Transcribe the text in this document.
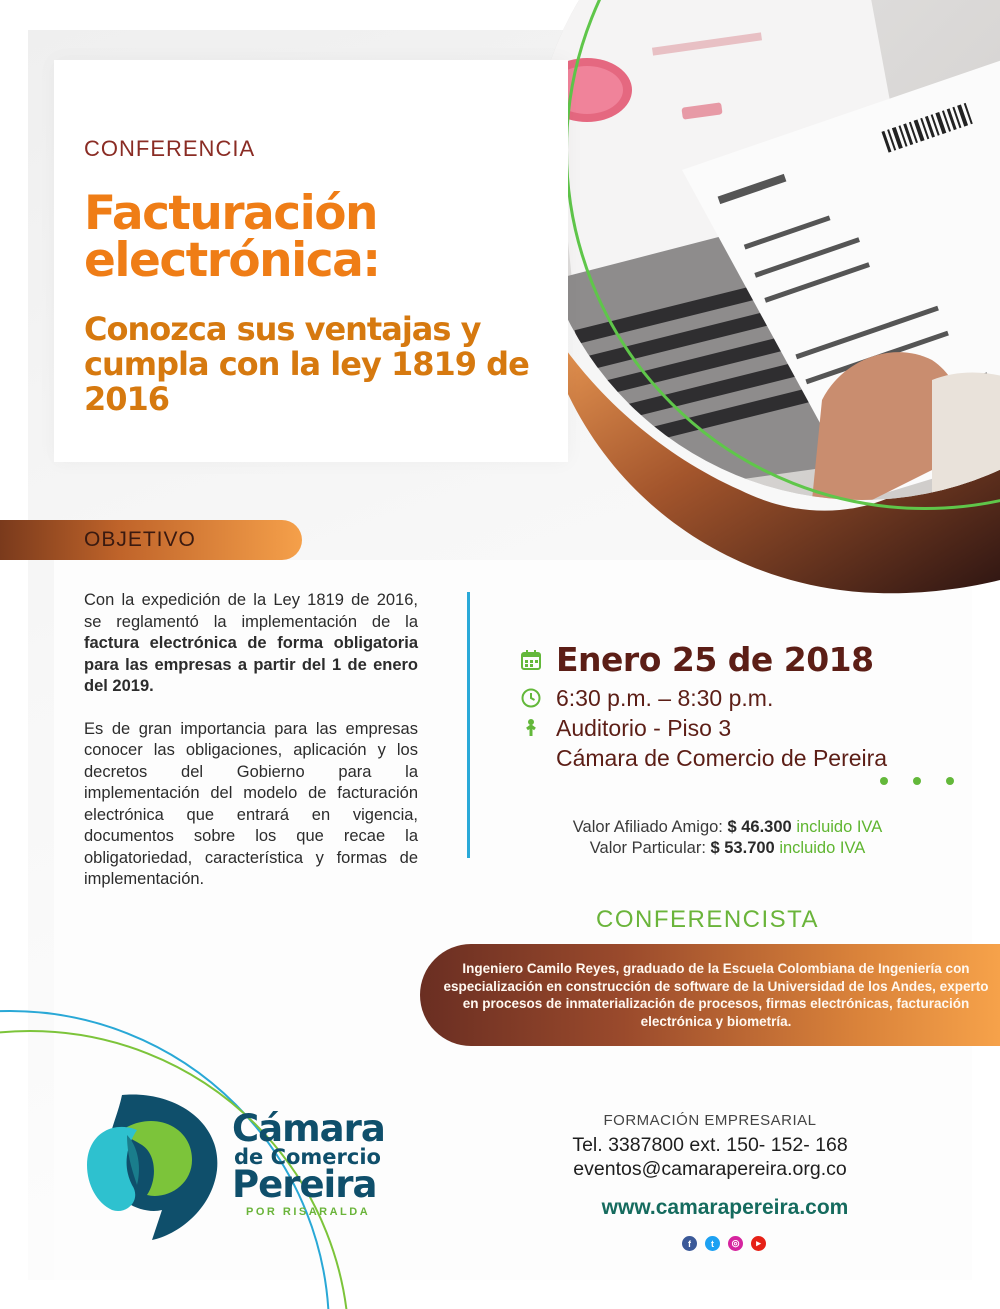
CONFERENCIA
Facturación
electrónica:
Conozca sus ventajas y cumpla con la ley 1819 de 2016
OBJETIVO

Con la expedición de la Ley 1819 de 2016, se reglamentó la implementación de la factura electrónica de forma obligatoria para las empresas a partir del 1 de enero del 2019.

Es de gran importancia para las empresas conocer las obligaciones, aplicación y los decretos del Gobierno para la implementación del modelo de facturación electrónica que entrará en vigencia, documentos sobre los que recae la obligatoriedad, característica y formas de implementación.

Enero 25 de 2018
6:30 p.m. – 8:30 p.m.
Auditorio - Piso 3
Cámara de Comercio de Pereira
Valor Afiliado Amigo: $ 46.300 incluido IVA
Valor Particular: $ 53.700 incluido IVA
CONFERENCISTA

Ingeniero Camilo Reyes, graduado de la Escuela Colombiana de Ingeniería con especialización en construcción de software de la Universidad de los Andes, experto en procesos de inmaterialización de procesos, firmas electrónicas, facturación electrónica y biometría.

FORMACIÓN EMPRESARIAL
Tel. 3387800 ext. 150- 152- 168
eventos@camarapereira.org.co
www.camarapereira.com
f	t	◎	▸
Cámara
de Comercio
Pereira
POR RISARALDA
